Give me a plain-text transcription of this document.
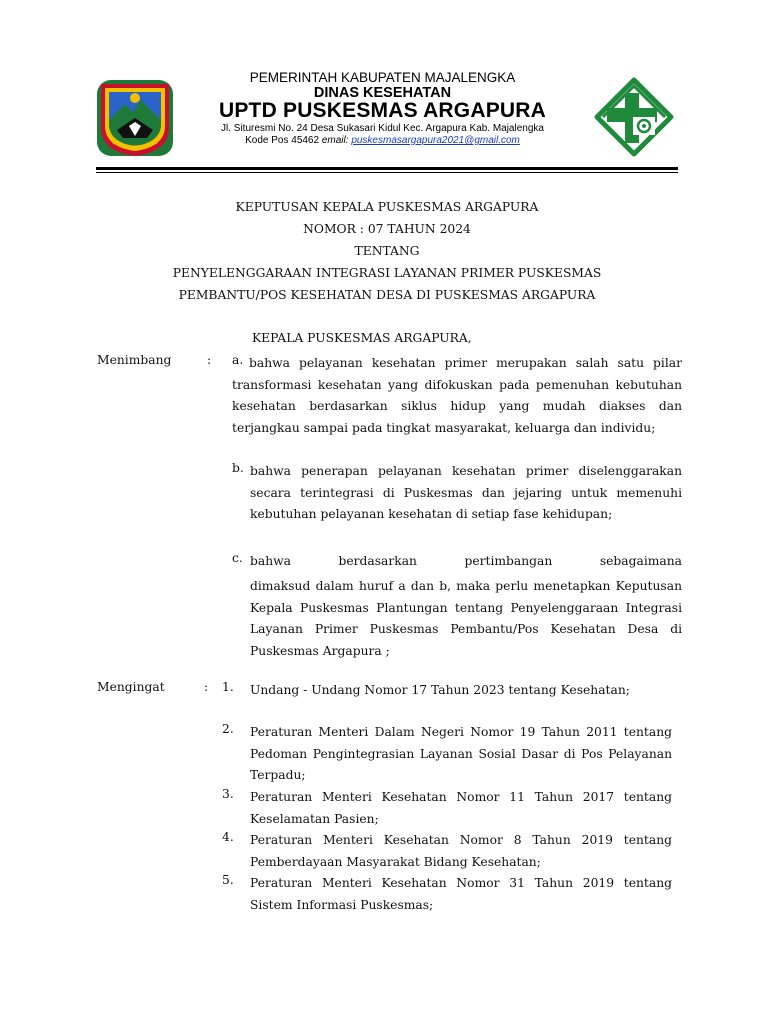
PEMERINTAH KABUPATEN MAJALENGKA
DINAS KESEHATAN
UPTD PUSKESMAS ARGAPURA
Jl. Situresmi No. 24 Desa Sukasari Kidul Kec. Argapura Kab. Majalengka
Kode Pos 45462 email: puskesmasargapura2021@gmail.com
KEPUTUSAN KEPALA PUSKESMAS ARGAPURA
NOMOR : 07 TAHUN 2024
TENTANG
PENYELENGGARAAN INTEGRASI LAYANAN PRIMER PUSKESMAS
PEMBANTU/POS KESEHATAN DESA DI PUSKESMAS ARGAPURA
KEPALA PUSKESMAS ARGAPURA,
Menimbang	: a. bahwa pelayanan kesehatan primer merupakan salah satu pilar transformasi kesehatan yang difokuskan pada pemenuhan kebutuhan kesehatan berdasarkan siklus hidup yang mudah diakses dan terjangkau sampai pada tingkat masyarakat, keluarga dan individu;

b. bahwa penerapan pelayanan kesehatan primer diselenggarakan secara terintegrasi di Puskesmas dan jejaring untuk memenuhi kebutuhan pelayanan kesehatan di setiap fase kehidupan;

c. bahwa berdasarkan pertimbangan sebagaimana

dimaksud dalam huruf a dan b, maka perlu menetapkan Keputusan Kepala Puskesmas Plantungan tentang Penyelenggaraan Integrasi Layanan Primer Puskesmas Pembantu/Pos Kesehatan Desa di Puskesmas Argapura ;

Mengingat	: 1. Undang - Undang Nomor 17 Tahun 2023 tentang Kesehatan;

2. Peraturan Menteri Dalam Negeri Nomor 19 Tahun 2011 tentang Pedoman Pengintegrasian Layanan Sosial Dasar di Pos Pelayanan Terpadu;

3. Peraturan Menteri Kesehatan Nomor 11 Tahun 2017 tentang Keselamatan Pasien;

4. Peraturan Menteri Kesehatan Nomor 8 Tahun 2019 tentang Pemberdayaan Masyarakat Bidang Kesehatan;

5. Peraturan Menteri Kesehatan Nomor 31 Tahun 2019 tentang Sistem Informasi Puskesmas;
